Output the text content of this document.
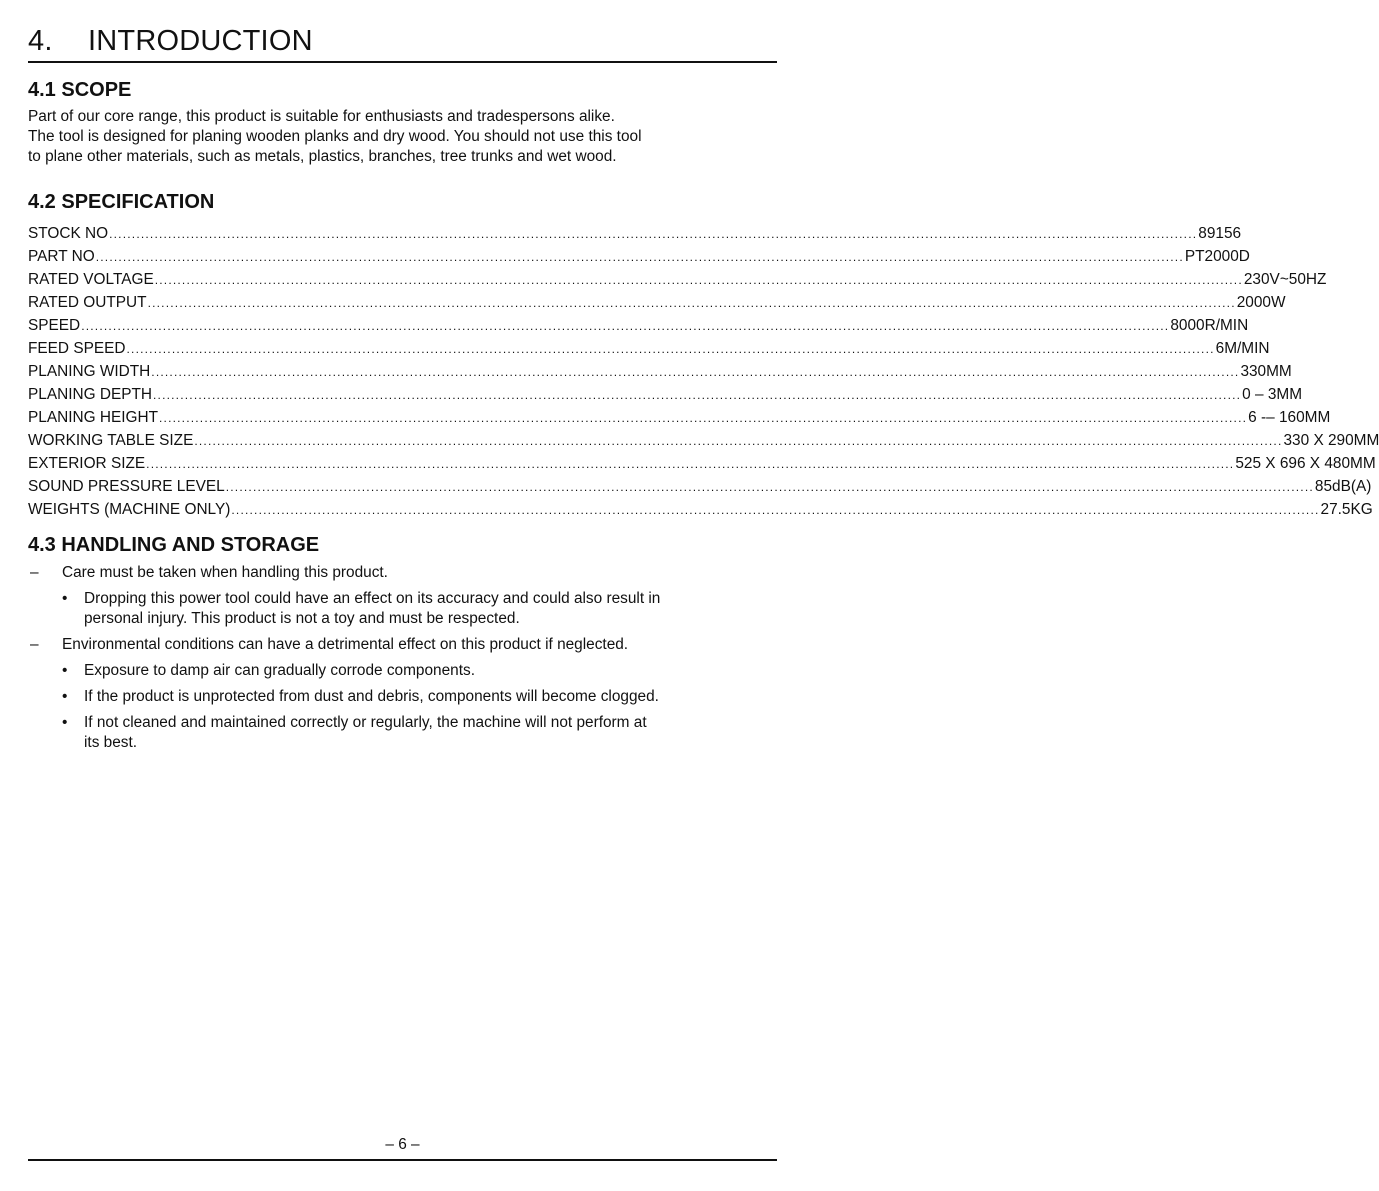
4. INTRODUCTION
4.1 SCOPE
Part of our core range, this product is suitable for enthusiasts and tradespersons alike.
The tool is designed for planing wooden planks and dry wood. You should not use this tool
to plane other materials, such as metals, plastics, branches, tree trunks and wet wood.
4.2 SPECIFICATION
STOCK NO ................................................................................................................................................................................................................................................ 89156
PART NO ................................................................................................................................................................................................................................................ PT2000D
RATED VOLTAGE ................................................................................................................................................................................................................................................ 230V~50HZ
RATED OUTPUT ................................................................................................................................................................................................................................................ 2000W
SPEED ................................................................................................................................................................................................................................................ 8000R/MIN
FEED SPEED ................................................................................................................................................................................................................................................ 6M/MIN
PLANING WIDTH ................................................................................................................................................................................................................................................ 330MM
PLANING DEPTH ................................................................................................................................................................................................................................................ 0 – 3MM
PLANING HEIGHT ................................................................................................................................................................................................................................................ 6 -– 160MM
WORKING TABLE SIZE ................................................................................................................................................................................................................................................ 330 X 290MM
EXTERIOR SIZE ................................................................................................................................................................................................................................................ 525 X 696 X 480MM
SOUND PRESSURE LEVEL ................................................................................................................................................................................................................................................ 85dB(A)
WEIGHTS (MACHINE ONLY) ................................................................................................................................................................................................................................................ 27.5KG
4.3 HANDLING AND STORAGE
– Care must be taken when handling this product.
• Dropping this power tool could have an effect on its accuracy and could also result in
personal injury. This product is not a toy and must be respected.
– Environmental conditions can have a detrimental effect on this product if neglected.
• Exposure to damp air can gradually corrode components.
• If the product is unprotected from dust and debris, components will become clogged.
• If not cleaned and maintained correctly or regularly, the machine will not perform at
its best.
– 6 –
